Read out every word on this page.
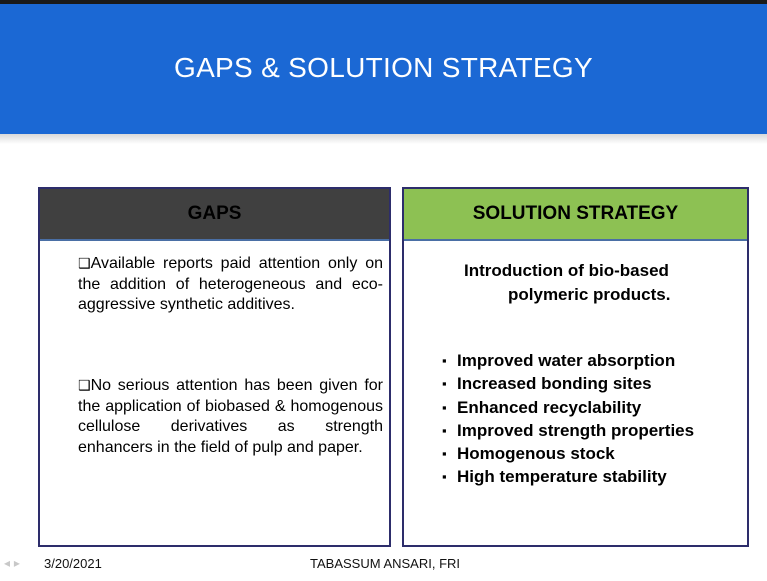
GAPS & SOLUTION STRATEGY
GAPS
❑Available reports paid attention only on the addition of heterogeneous and eco-aggressive synthetic additives.
❑No serious attention has been given for the application of biobased & homogenous cellulose derivatives as strength enhancers in the field of pulp and paper.
SOLUTION STRATEGY
Introduction of bio-based
polymeric products.
▪ Improved water absorption
▪ Increased bonding sites
▪ Enhanced recyclability
▪ Improved strength properties
▪ Homogenous stock
▪ High temperature stability
◂ ▸ 3/20/2021	TABASSUM ANSARI, FRI
